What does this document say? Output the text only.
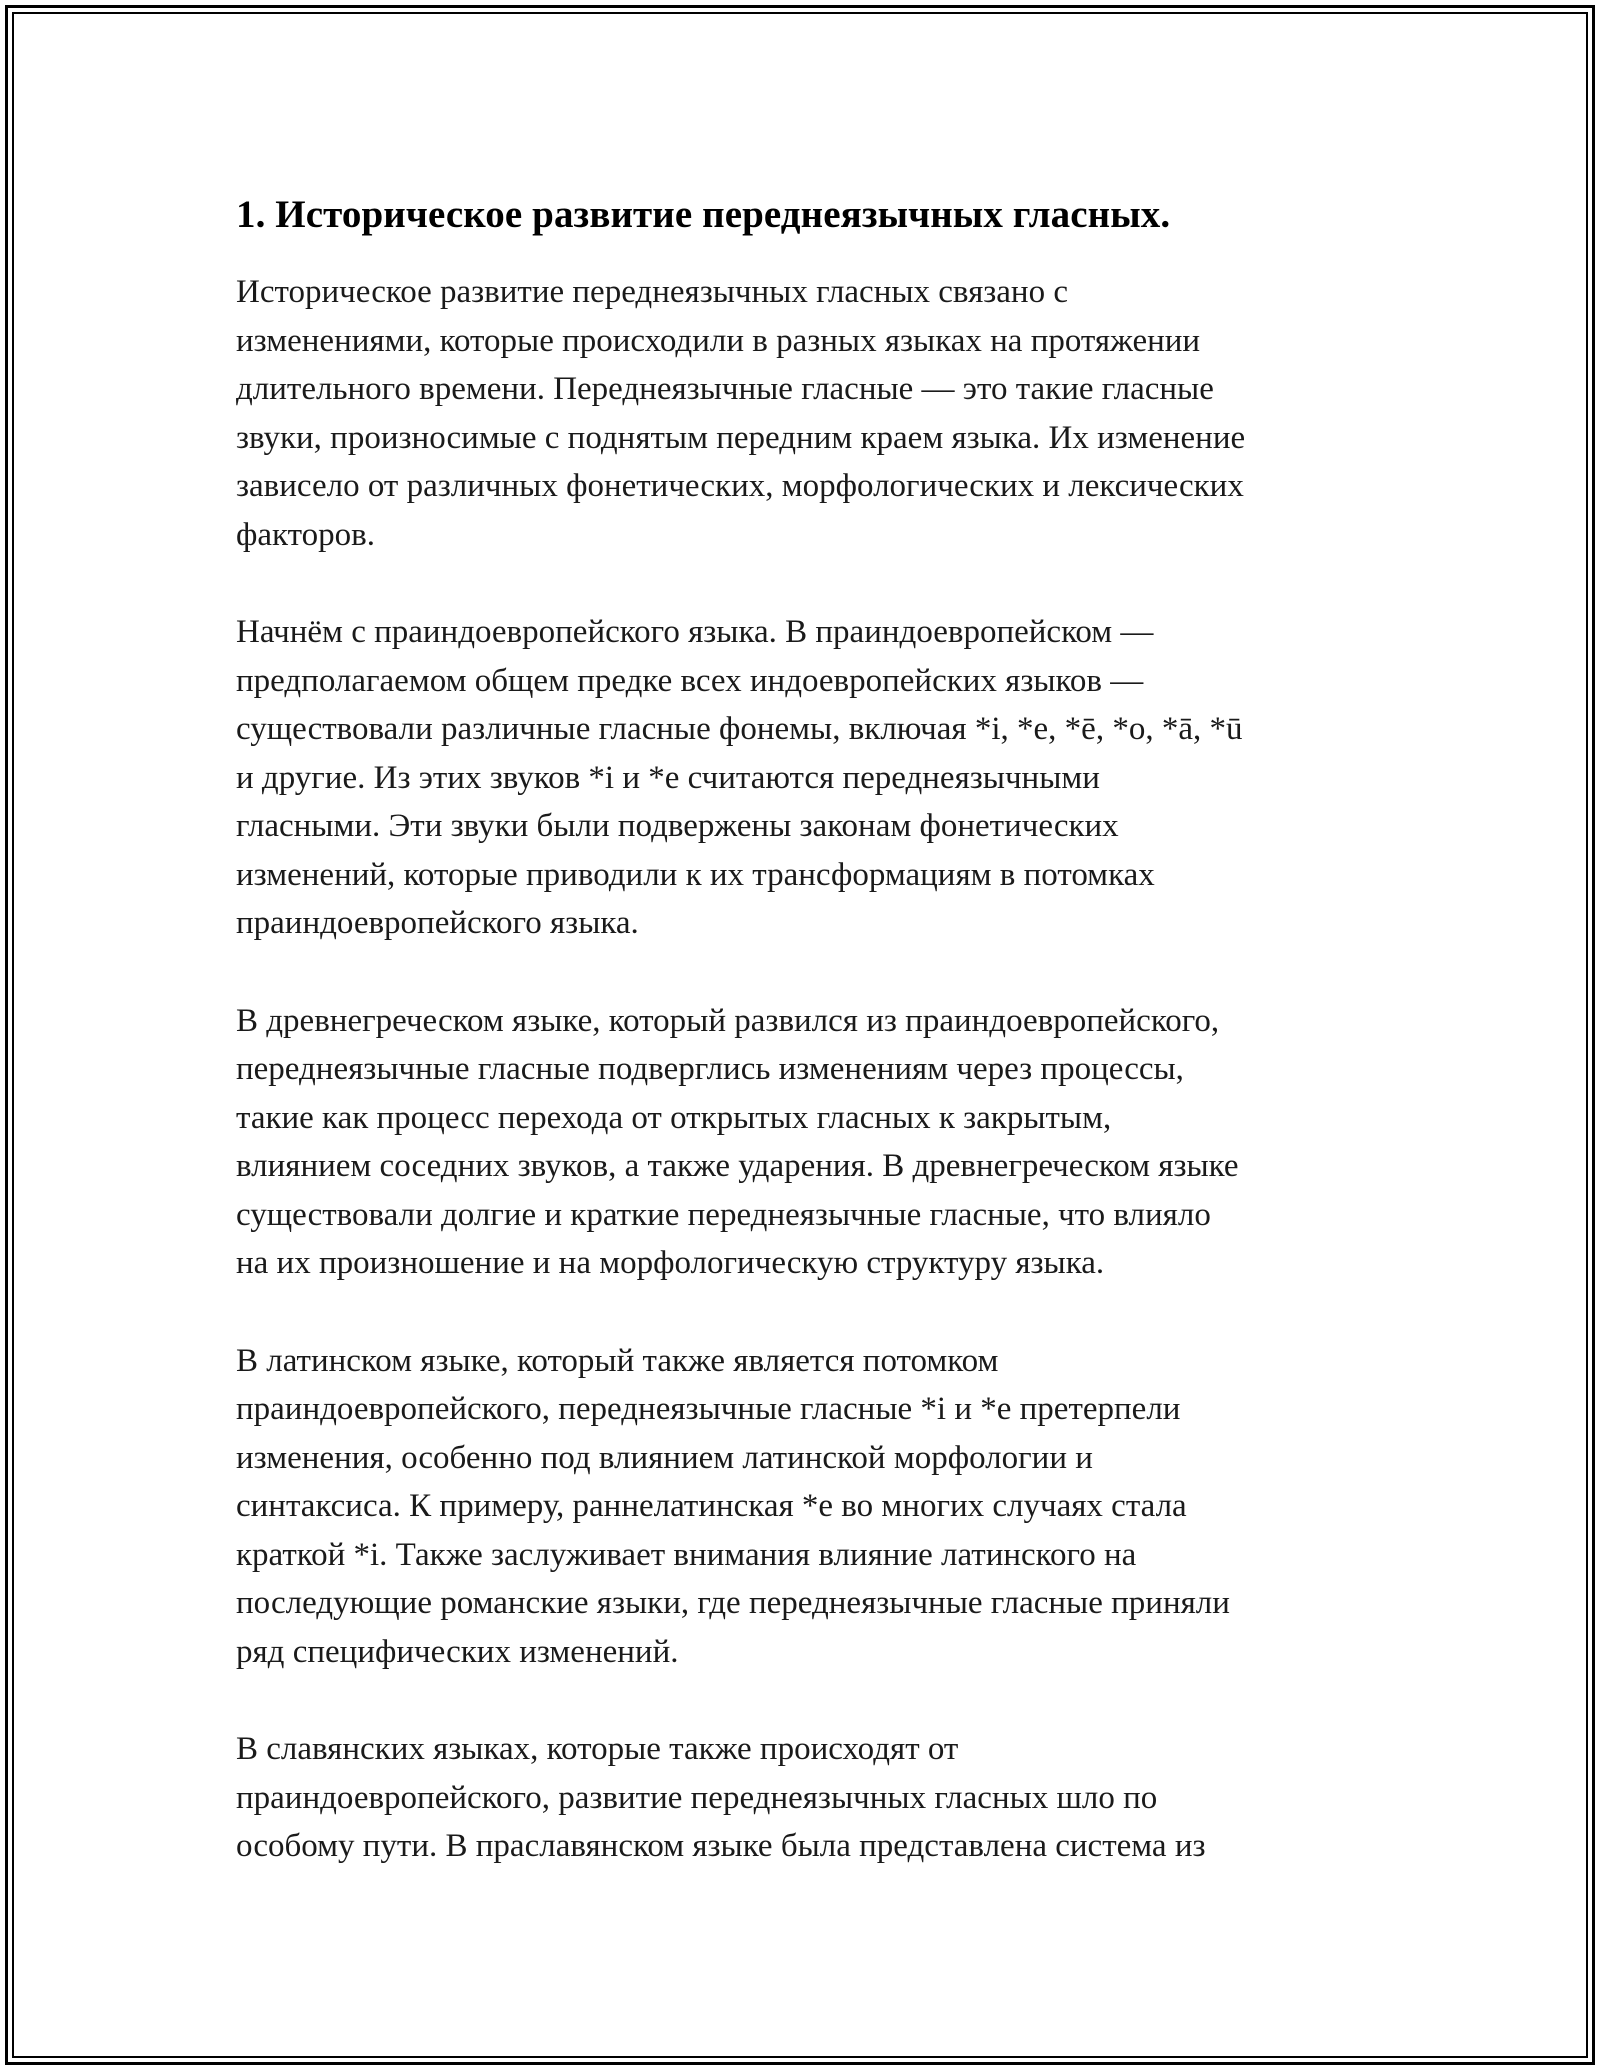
1. Историческое развитие переднеязычных гласных.

Историческое развитие переднеязычных гласных связано с
изменениями, которые происходили в разных языках на протяжении
длительного времени. Переднеязычные гласные — это такие гласные
звуки, произносимые с поднятым передним краем языка. Их изменение
зависело от различных фонетических, морфологических и лексических
факторов.

Начнём с праиндоевропейского языка. В праиндоевропейском —
предполагаемом общем предке всех индоевропейских языков —
существовали различные гласные фонемы, включая *i, *e, *ē, *o, *ā, *ū
и другие. Из этих звуков *i и *e считаются переднеязычными
гласными. Эти звуки были подвержены законам фонетических
изменений, которые приводили к их трансформациям в потомках
праиндоевропейского языка.

В древнегреческом языке, который развился из праиндоевропейского,
переднеязычные гласные подверглись изменениям через процессы,
такие как процесс перехода от открытых гласных к закрытым,
влиянием соседних звуков, а также ударения. В древнегреческом языке
существовали долгие и краткие переднеязычные гласные, что влияло
на их произношение и на морфологическую структуру языка.

В латинском языке, который также является потомком
праиндоевропейского, переднеязычные гласные *i и *e претерпели
изменения, особенно под влиянием латинской морфологии и
синтаксиса. К примеру, раннелатинская *e во многих случаях стала
краткой *i. Также заслуживает внимания влияние латинского на
последующие романские языки, где переднеязычные гласные приняли
ряд специфических изменений.

В славянских языках, которые также происходят от
праиндоевропейского, развитие переднеязычных гласных шло по
особому пути. В праславянском языке была представлена система из
